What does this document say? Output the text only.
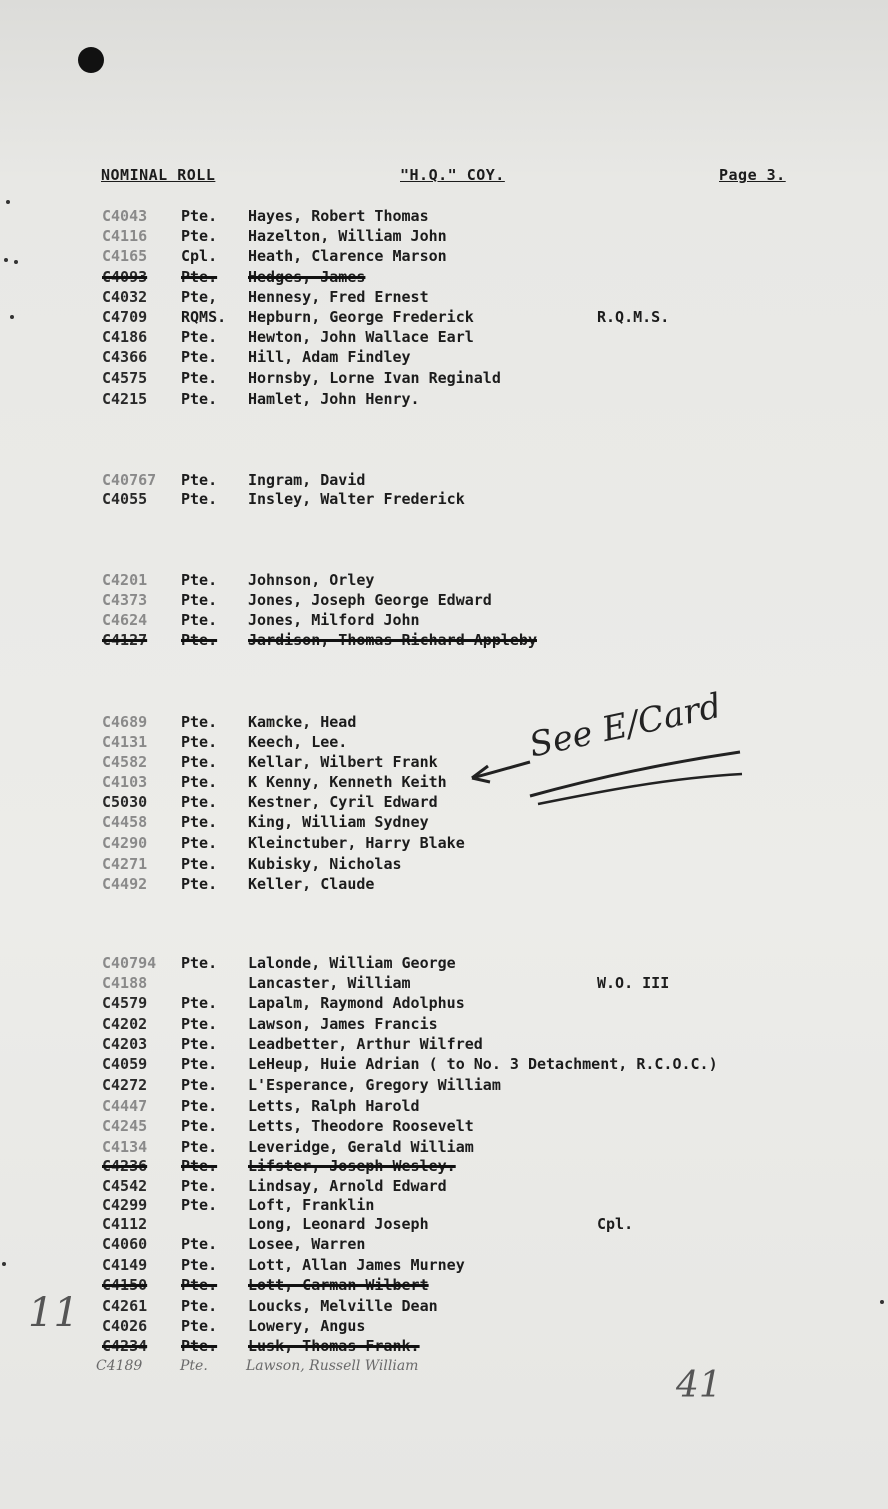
NOMINAL ROLL	"H.Q." COY.	Page 3.
C4043 Pte. Hayes, Robert Thomas
C4116 Pte. Hazelton, William John
C4165 Cpl. Heath, Clarence Marson
C4093 Pte. Hedges, James
C4032 Pte, Hennesy, Fred Ernest
C4709 RQMS. Hepburn, George Frederick	R.Q.M.S.
C4186 Pte. Hewton, John Wallace Earl
C4366 Pte. Hill, Adam Findley
C4575 Pte. Hornsby, Lorne Ivan Reginald
C4215 Pte. Hamlet, John Henry.
C40767 Pte. Ingram, David
C4055 Pte. Insley, Walter Frederick
C4201 Pte. Johnson, Orley
C4373 Pte. Jones, Joseph George Edward
C4624 Pte. Jones, Milford John
C4127 Pte. Jardison, Thomas Richard Appleby
C4689 Pte. Kamcke, Head
C4131 Pte. Keech, Lee.
C4582 Pte. Kellar, Wilbert Frank
C4103 Pte. K Kenny, Kenneth Keith
C5030 Pte. Kestner, Cyril Edward
C4458 Pte. King, William Sydney
C4290 Pte. Kleinctuber, Harry Blake
C4271 Pte. Kubisky, Nicholas
C4492 Pte. Keller, Claude
C40794 Pte. Lalonde, William George
C4188	Lancaster, William	W.O. III
C4579 Pte. Lapalm, Raymond Adolphus
C4202 Pte. Lawson, James Francis
C4203 Pte. Leadbetter, Arthur Wilfred
C4059 Pte. LeHeup, Huie Adrian ( to No. 3 Detachment, R.C.O.C.)
C4272 Pte. L'Esperance, Gregory William
C4447 Pte. Letts, Ralph Harold
C4245 Pte. Letts, Theodore Roosevelt
C4134 Pte. Leveridge, Gerald William
C4236 Pte. Lifster, Joseph Wesley.
C4542 Pte. Lindsay, Arnold Edward
C4299 Pte. Loft, Franklin
C4112	Long, Leonard Joseph	Cpl.
C4060 Pte. Losee, Warren
C4149 Pte. Lott, Allan James Murney
C4150 Pte. Lott, Carman Wilbert
C4261 Pte. Loucks, Melville Dean
C4026 Pte. Lowery, Angus
C4234 Pte. Lusk, Thomas Frank.
C4189	Pte.	Lawson, Russell William
See E/Card
11
41
